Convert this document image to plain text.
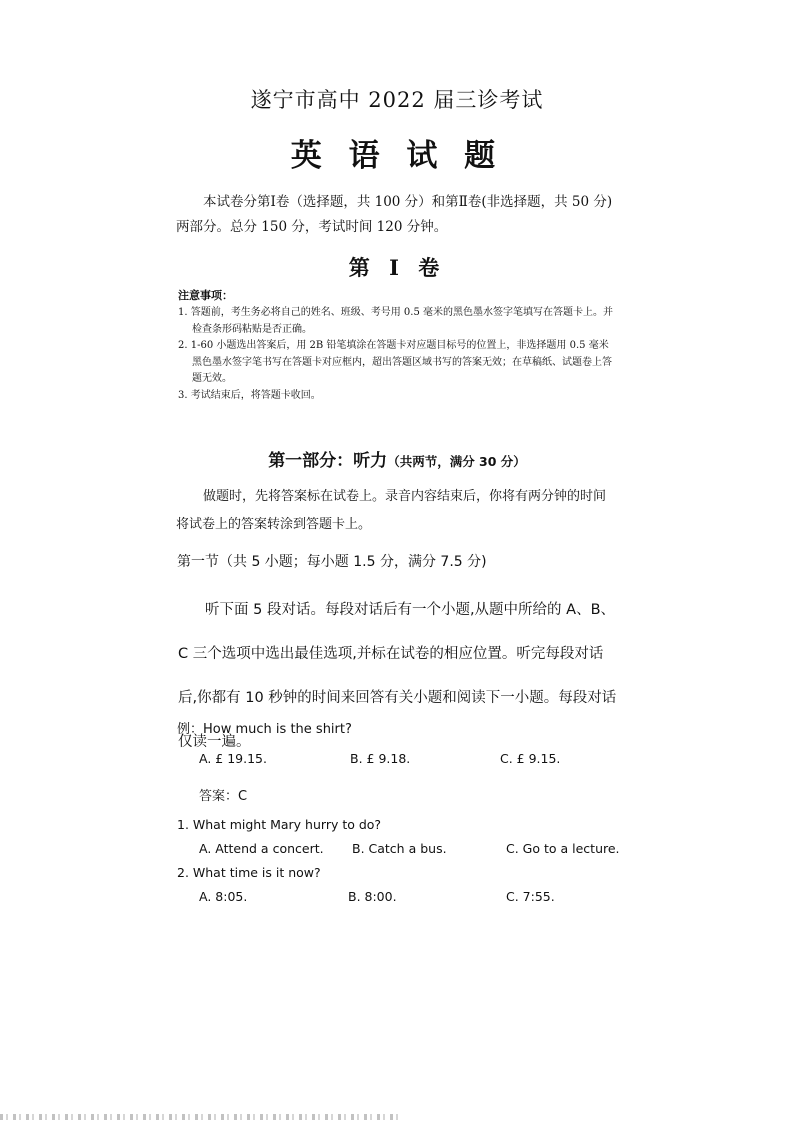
遂宁市高中 2022 届三诊考试
英 语 试 题
本试卷分第Ⅰ卷（选择题，共 100 分）和第Ⅱ卷(非选择题，共 50 分)两部分。总分 150 分，考试时间 120 分钟。
第 Ⅰ 卷
注意事项：
1. 答题前，考生务必将自己的姓名、班级、考号用 0.5 毫米的黑色墨水签字笔填写在答题卡上。并检查条形码粘贴是否正确。
2. 1-60 小题选出答案后，用 2B 铅笔填涂在答题卡对应题目标号的位置上，非选择题用 0.5 毫米黑色墨水签字笔书写在答题卡对应框内，超出答题区域书写的答案无效；在草稿纸、试题卷上答题无效。
3. 考试结束后，将答题卡收回。
第一部分：听力（共两节，满分 30 分）
做题时，先将答案标在试卷上。录音内容结束后，你将有两分钟的时间将试卷上的答案转涂到答题卡上。
第一节（共 5 小题；每小题 1.5 分，满分 7.5 分)
听下面 5 段对话。每段对话后有一个小题,从题中所给的 A、B、C 三个选项中选出最佳选项,并标在试卷的相应位置。听完每段对话后,你都有 10 秒钟的时间来回答有关小题和阅读下一小题。每段对话仅读一遍。
例：How much is the shirt?
A. £ 19.15.	B. £ 9.18.	C. £ 9.15.
答案：C
1. What might Mary hurry to do?
A. Attend a concert. B. Catch a bus.	C. Go to a lecture.
2. What time is it now?
A. 8:05.	B. 8:00.	C. 7:55.
